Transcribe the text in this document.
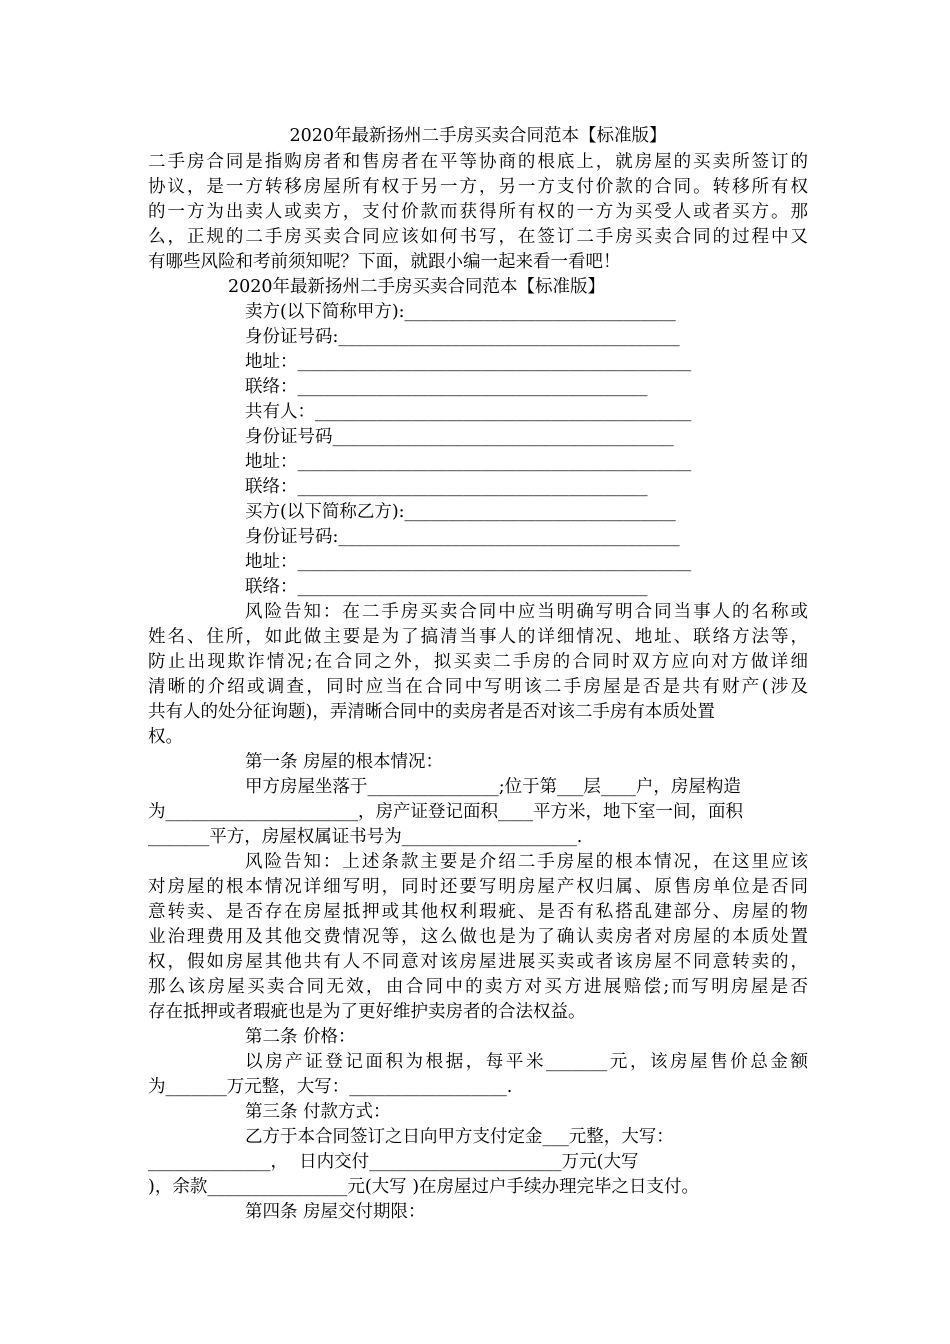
2020年最新扬州二手房买卖合同范本【标准版】
二手房合同是指购房者和售房者在平等协商的根底上，就房屋的买卖所签订的
协议，是一方转移房屋所有权于另一方，另一方支付价款的合同。转移所有权
的一方为出卖人或卖方，支付价款而获得所有权的一方为买受人或者买方。那
么，正规的二手房买卖合同应该如何书写，在签订二手房买卖合同的过程中又
有哪些风险和考前须知呢？下面，就跟小编一起来看一看吧！
2020年最新扬州二手房买卖合同范本【标准版】
卖方(以下简称甲方):_______________________________
身份证号码:_______________________________________
地址：_____________________________________________
联络：________________________________________
共有人：___________________________________________
身份证号码_______________________________________
地址：_____________________________________________
联络：________________________________________
买方(以下简称乙方):_______________________________
身份证号码:_______________________________________
地址：_____________________________________________
联络：________________________________________
风险告知：在二手房买卖合同中应当明确写明合同当事人的名称或
姓名、住所，如此做主要是为了搞清当事人的详细情况、地址、联络方法等，
防止出现欺诈情况;在合同之外，拟买卖二手房的合同时双方应向对方做详细
清晰的介绍或调查，同时应当在合同中写明该二手房屋是否是共有财产(涉及
共有人的处分征询题)，弄清晰合同中的卖房者是否对该二手房有本质处置
权。
第一条 房屋的根本情况：
甲方房屋坐落于_______________;位于第___层____户，房屋构造
为______________________，房产证登记面积____平方米，地下室一间，面积
_______平方，房屋权属证书号为____________________.
风险告知：上述条款主要是介绍二手房屋的根本情况，在这里应该
对房屋的根本情况详细写明，同时还要写明房屋产权归属、原售房单位是否同
意转卖、是否存在房屋抵押或其他权利瑕疵、是否有私搭乱建部分、房屋的物
业治理费用及其他交费情况等，这么做也是为了确认卖房者对房屋的本质处置
权，假如房屋其他共有人不同意对该房屋进展买卖或者该房屋不同意转卖的，
那么该房屋买卖合同无效，由合同中的卖方对买方进展赔偿;而写明房屋是否
存在抵押或者瑕疵也是为了更好维护卖房者的合法权益。
第二条 价格：
以房产证登记面积为根据，每平米_______元，该房屋售价总金额
为_______万元整，大写：__________________.
第三条 付款方式：
乙方于本合同签订之日向甲方支付定金___元整，大写：
______________，  日内交付______________________万元(大写
)，余款________________元(大写 )在房屋过户手续办理完毕之日支付。
第四条 房屋交付期限：
